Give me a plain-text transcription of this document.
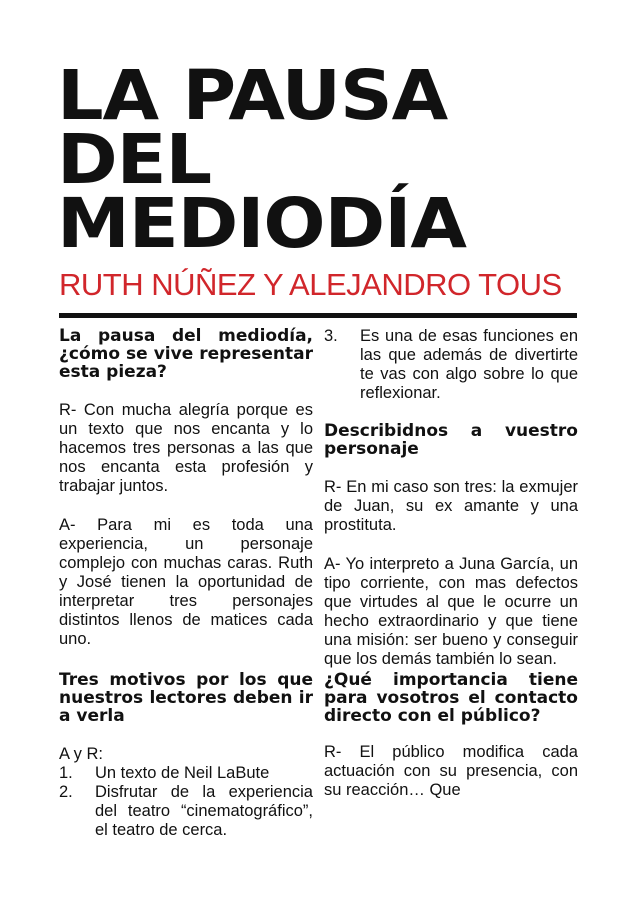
LA PAUSA
DEL
MEDIODÍA
RUTH NÚÑEZ Y ALEJANDRO TOUS

La pausa del mediodía, ¿cómo se vive representar esta pieza?

R- Con mucha alegría porque es un texto que nos encanta y lo hacemos tres personas a las que nos encanta esta profesión y trabajar juntos.

A- Para mi es toda una experiencia, un personaje complejo con muchas caras. Ruth y José tienen la oportunidad de interpretar tres personajes distintos llenos de matices cada uno.

Tres motivos por los que nuestros lectores deben ir a verla

A y R:

1.	Un texto de Neil LaBute
2.	Disfrutar de la experiencia del teatro “cinematográfico”, el teatro de cerca.
3.	Es una de esas funciones en las que además de divertirte te vas con algo sobre lo que reflexionar.

Describidnos a vuestro personaje

R- En mi caso son tres: la exmujer de Juan, su ex amante y una prostituta.

A- Yo interpreto a Juna García, un tipo corriente, con mas defectos que virtudes al que le ocurre un hecho extraordinario y que tiene una misión: ser bueno y conseguir que los demás también lo sean.

¿Qué importancia tiene para vosotros el contacto directo con el público?

R- El público modifica cada actuación con su presencia, con su reacción… Que
